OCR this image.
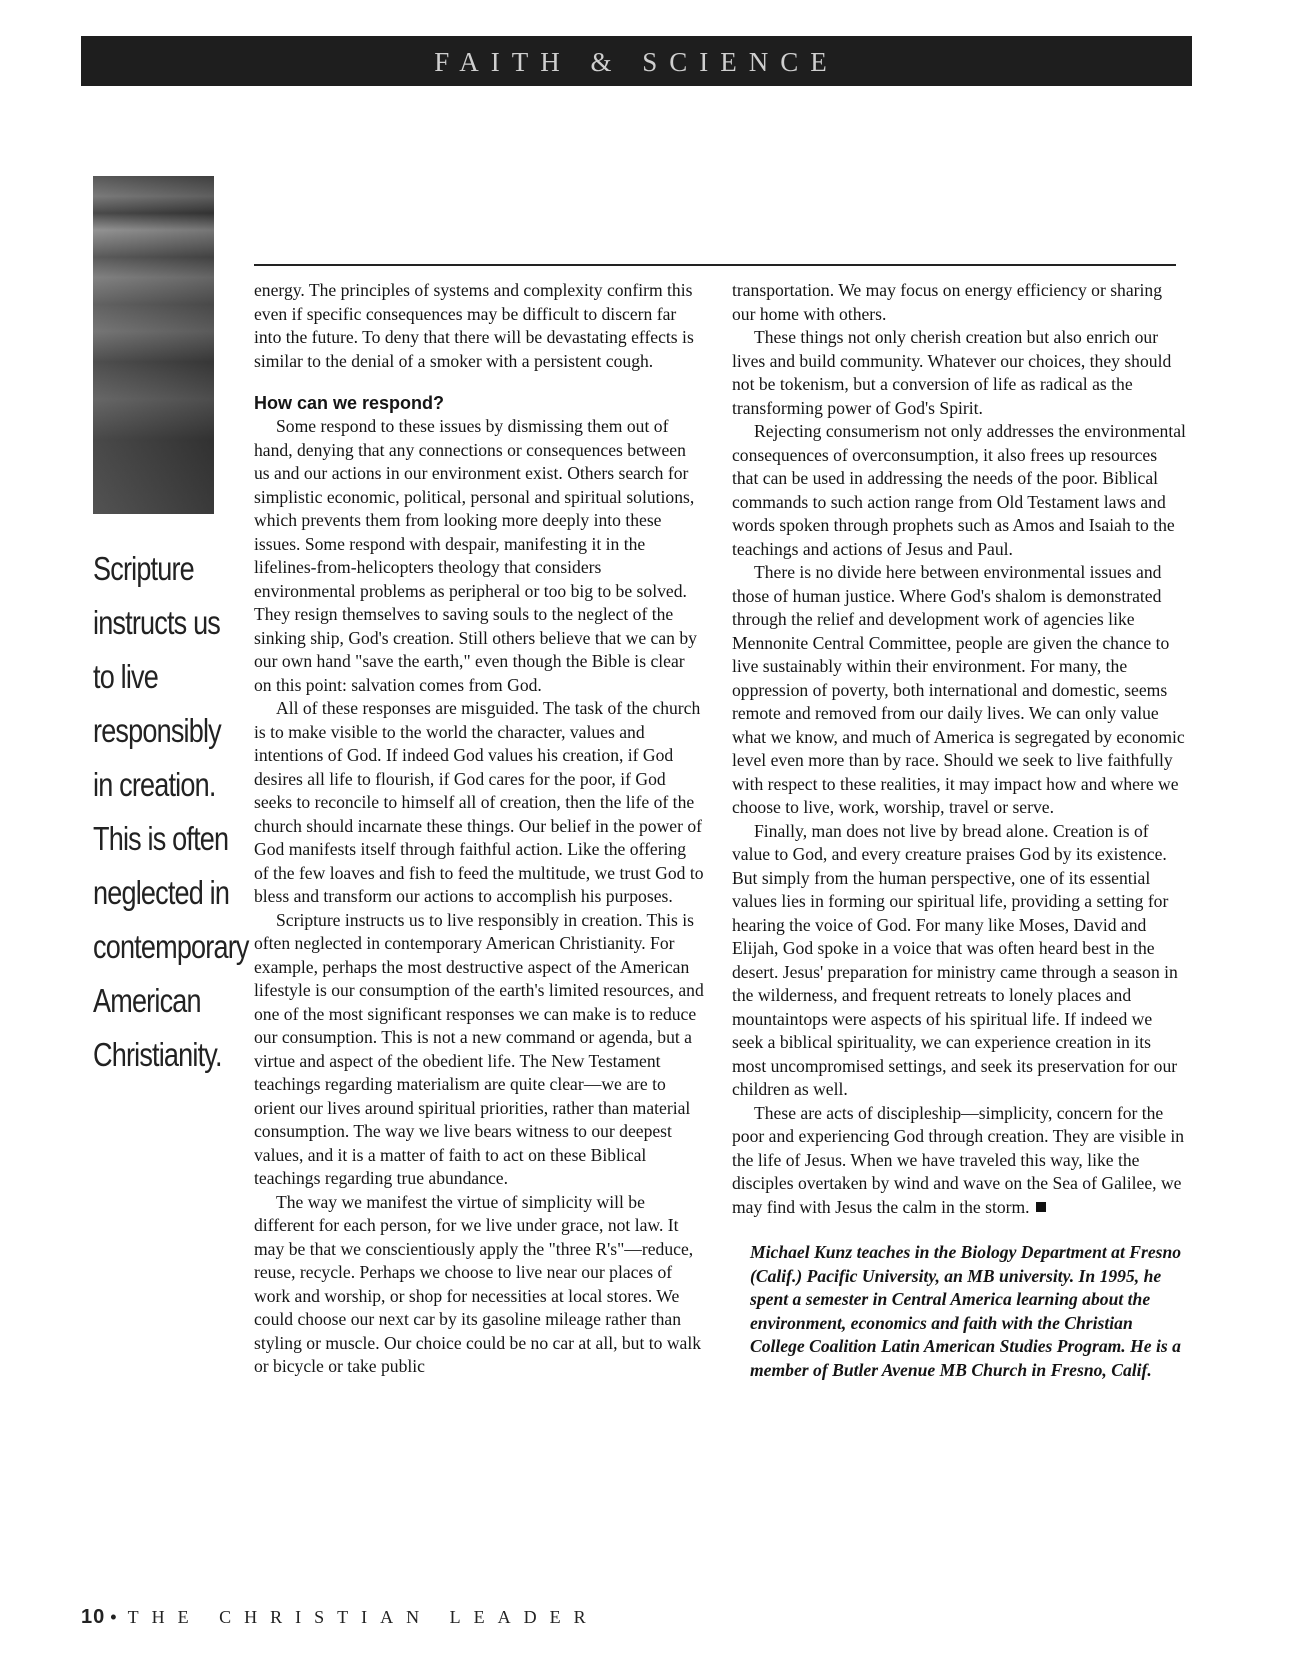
FAITH & SCIENCE
Scripture
instructs us
to live
responsibly
in creation.
This is often
neglected in
contemporary
American
Christianity.

energy. The principles of systems and complexity confirm this even if specific consequences may be difficult to discern far into the future. To deny that there will be devastating effects is similar to the denial of a smoker with a persistent cough.

How can we respond?

Some respond to these issues by dismissing them out of hand, denying that any connections or consequences between us and our actions in our environment exist. Others search for simplistic economic, political, personal and spiritual solutions, which prevents them from looking more deeply into these issues. Some respond with despair, manifesting it in the lifelines-from-helicopters theology that considers environmental problems as peripheral or too big to be solved. They resign themselves to saving souls to the neglect of the sinking ship, God's creation. Still others believe that we can by our own hand "save the earth," even though the Bible is clear on this point: salvation comes from God.

All of these responses are misguided. The task of the church is to make visible to the world the character, values and intentions of God. If indeed God values his creation, if God desires all life to flourish, if God cares for the poor, if God seeks to reconcile to himself all of creation, then the life of the church should incarnate these things. Our belief in the power of God manifests itself through faithful action. Like the offering of the few loaves and fish to feed the multitude, we trust God to bless and transform our actions to accomplish his purposes.

Scripture instructs us to live responsibly in creation. This is often neglected in contemporary American Christianity. For example, perhaps the most destructive aspect of the American lifestyle is our consumption of the earth's limited resources, and one of the most significant responses we can make is to reduce our consumption. This is not a new command or agenda, but a virtue and aspect of the obedient life. The New Testament teachings regarding materialism are quite clear—we are to orient our lives around spiritual priorities, rather than material consumption. The way we live bears witness to our deepest values, and it is a matter of faith to act on these Biblical teachings regarding true abundance.

The way we manifest the virtue of simplicity will be different for each person, for we live under grace, not law. It may be that we conscientiously apply the "three R's"—reduce, reuse, recycle. Perhaps we choose to live near our places of work and worship, or shop for necessities at local stores. We could choose our next car by its gasoline mileage rather than styling or muscle. Our choice could be no car at all, but to walk or bicycle or take public

transportation. We may focus on energy efficiency or sharing our home with others.

These things not only cherish creation but also enrich our lives and build community. Whatever our choices, they should not be tokenism, but a conversion of life as radical as the transforming power of God's Spirit.

Rejecting consumerism not only addresses the environmental consequences of overconsumption, it also frees up resources that can be used in addressing the needs of the poor. Biblical commands to such action range from Old Testament laws and words spoken through prophets such as Amos and Isaiah to the teachings and actions of Jesus and Paul.

There is no divide here between environmental issues and those of human justice. Where God's shalom is demonstrated through the relief and development work of agencies like Mennonite Central Committee, people are given the chance to live sustainably within their environment. For many, the oppression of poverty, both international and domestic, seems remote and removed from our daily lives. We can only value what we know, and much of America is segregated by economic level even more than by race. Should we seek to live faithfully with respect to these realities, it may impact how and where we choose to live, work, worship, travel or serve.

Finally, man does not live by bread alone. Creation is of value to God, and every creature praises God by its existence. But simply from the human perspective, one of its essential values lies in forming our spiritual life, providing a setting for hearing the voice of God. For many like Moses, David and Elijah, God spoke in a voice that was often heard best in the desert. Jesus' preparation for ministry came through a season in the wilderness, and frequent retreats to lonely places and mountaintops were aspects of his spiritual life. If indeed we seek a biblical spirituality, we can experience creation in its most uncompromised settings, and seek its preservation for our children as well.

These are acts of discipleship—simplicity, concern for the poor and experiencing God through creation. They are visible in the life of Jesus. When we have traveled this way, like the disciples overtaken by wind and wave on the Sea of Galilee, we may find with Jesus the calm in the storm.

Michael Kunz teaches in the Biology Department at Fresno (Calif.) Pacific University, an MB university. In 1995, he spent a semester in Central America learning about the environment, economics and faith with the Christian College Coalition Latin American Studies Program. He is a member of Butler Avenue MB Church in Fresno, Calif.

10 • THE CHRISTIAN LEADER
